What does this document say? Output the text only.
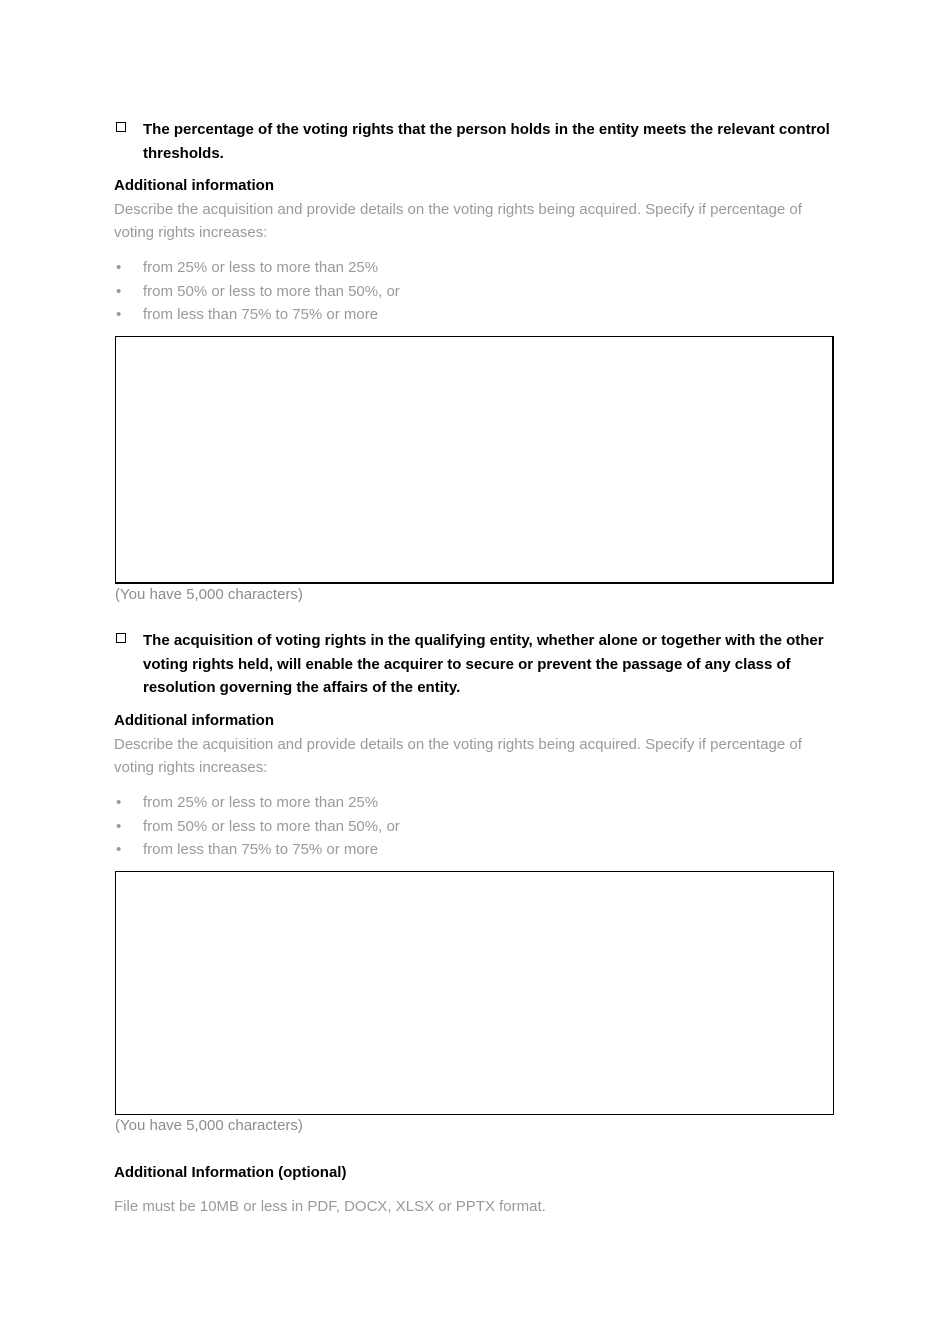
The percentage of the voting rights that the person holds in the entity meets the relevant control thresholds.
Additional information
Describe the acquisition and provide details on the voting rights being acquired. Specify if percentage of voting rights increases:
• from 25% or less to more than 25%
• from 50% or less to more than 50%, or
• from less than 75% to 75% or more
(You have 5,000 characters)
The acquisition of voting rights in the qualifying entity, whether alone or together with the other voting rights held, will enable the acquirer to secure or prevent the passage of any class of resolution governing the affairs of the entity.
Additional information
Describe the acquisition and provide details on the voting rights being acquired. Specify if percentage of voting rights increases:
• from 25% or less to more than 25%
• from 50% or less to more than 50%, or
• from less than 75% to 75% or more
(You have 5,000 characters)
Additional Information (optional)
File must be 10MB or less in PDF, DOCX, XLSX or PPTX format.
